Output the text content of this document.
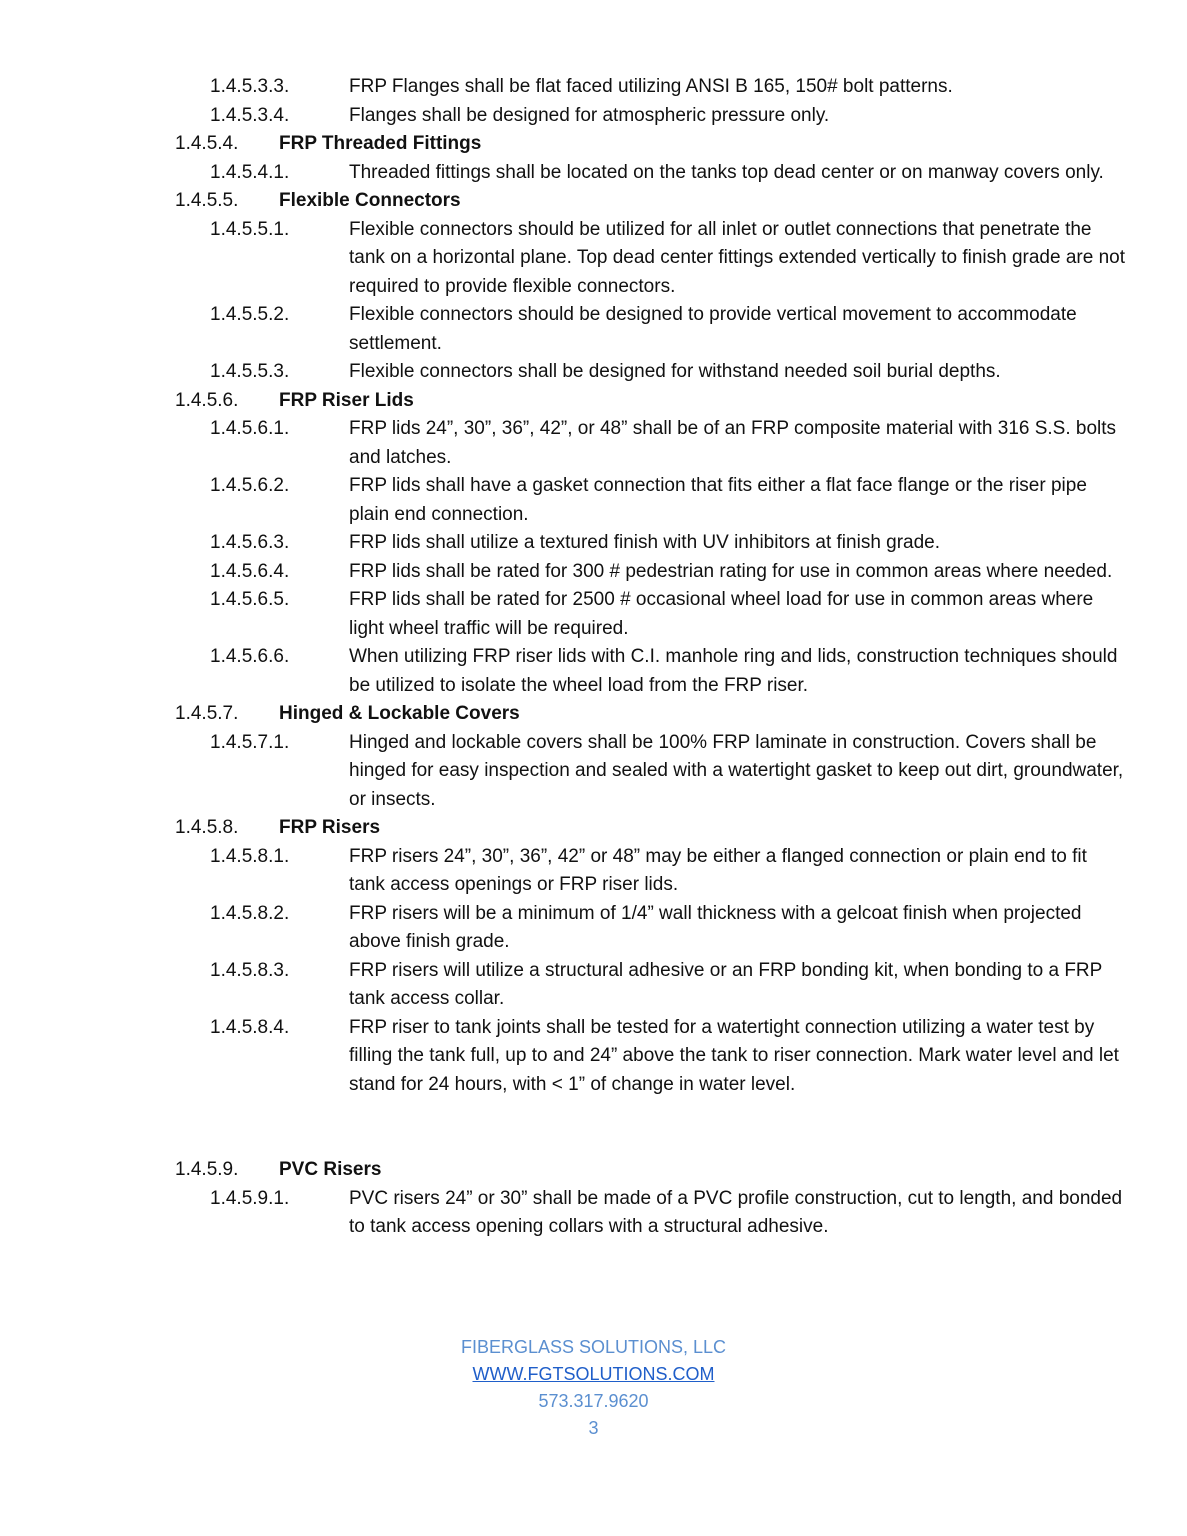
1.4.5.3.3.	FRP Flanges shall be flat faced utilizing ANSI B 165, 150# bolt patterns.
1.4.5.3.4.	Flanges shall be designed for atmospheric pressure only.
1.4.5.4.	FRP Threaded Fittings
1.4.5.4.1.	Threaded fittings shall be located on the tanks top dead center or on manway covers only.
1.4.5.5.	Flexible Connectors
1.4.5.5.1.	Flexible connectors should be utilized for all inlet or outlet connections that penetrate the tank on a horizontal plane. Top dead center fittings extended vertically to finish grade are not required to provide flexible connectors.
1.4.5.5.2.	Flexible connectors should be designed to provide vertical movement to accommodate settlement.
1.4.5.5.3.	Flexible connectors shall be designed for withstand needed soil burial depths.
1.4.5.6.	FRP Riser Lids
1.4.5.6.1.	FRP lids 24”, 30”, 36”, 42”, or 48” shall be of an FRP composite material with 316 S.S. bolts and latches.
1.4.5.6.2.	FRP lids shall have a gasket connection that fits either a flat face flange or the riser pipe plain end connection.
1.4.5.6.3.	FRP lids shall utilize a textured finish with UV inhibitors at finish grade.
1.4.5.6.4.	FRP lids shall be rated for 300 # pedestrian rating for use in common areas where needed.
1.4.5.6.5.	FRP lids shall be rated for 2500 # occasional wheel load for use in common areas where light wheel traffic will be required.
1.4.5.6.6.	When utilizing FRP riser lids with C.I. manhole ring and lids, construction techniques should be utilized to isolate the wheel load from the FRP riser.
1.4.5.7.	Hinged & Lockable Covers
1.4.5.7.1.	Hinged and lockable covers shall be 100% FRP laminate in construction. Covers shall be hinged for easy inspection and sealed with a watertight gasket to keep out dirt, groundwater, or insects.
1.4.5.8.	FRP Risers
1.4.5.8.1.	FRP risers 24”, 30”, 36”, 42” or 48” may be either a flanged connection or plain end to fit tank access openings or FRP riser lids.
1.4.5.8.2.	FRP risers will be a minimum of 1/4” wall thickness with a gelcoat finish when projected above finish grade.
1.4.5.8.3.	FRP risers will utilize a structural adhesive or an FRP bonding kit, when bonding to a FRP tank access collar.
1.4.5.8.4.	FRP riser to tank joints shall be tested for a watertight connection utilizing a water test by filling the tank full, up to and 24” above the tank to riser connection. Mark water level and let stand for 24 hours, with < 1” of change in water level.
1.4.5.9.	PVC Risers
1.4.5.9.1.	PVC risers 24” or 30” shall be made of a PVC profile construction, cut to length, and bonded to tank access opening collars with a structural adhesive.
FIBERGLASS SOLUTIONS, LLC
WWW.FGTSOLUTIONS.COM
573.317.9620
3
